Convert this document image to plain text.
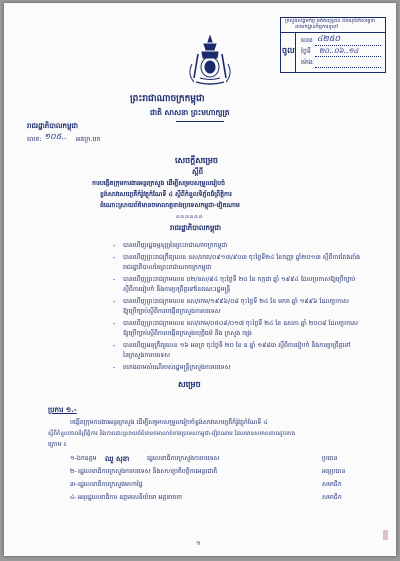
ក្រសួងសង្គមកិច្ច អតីតយុទ្ធជន និងយុវនីតិសម្បទា
នាយកដ្ឋានកិច្ចការទូទៅ
ចូល
លេខ ៤២៥០
ថ្ងៃទី ២០..០៦..១៤
ម៉ោង
ព្រះរាជាណាចក្រកម្ពុជា
ជាតិ សាសនា ព្រះមហាក្សត្រ
រាជរដ្ឋាភិបាលកម្ពុជា
លេខ: ១០៥.. អនក្រ.បក
សេចក្តីសម្រេច
ស្តីពី
ការបង្កើតក្រុមការងារអន្តរក្រសួង ដើម្បីសម្របសម្រួលរៀបចំ
ខ្ទង់សាវសេយ្យគឺកំរ៉ូវត្ថុកំណែទី ៤ ស្តីពីកំនួលទិភ្ញ័ពដ៏ព្រឹត្តិការ
ដំណោះស្រាយព័ត៌មានចមាលាត្ថខាងប្រទេសកម្ពុជា-វៀតណាម
ಣಣಣಣಣಣ
រាជរដ្ឋាភិបាលកម្ពុជា
- បានឃើញរដ្ឋធម្មនុញ្ញនៃព្រះរាជាណាចក្រកម្ពុជា
- បានឃើញព្រះរាជក្រឹត្យលេខ នស/រកត/០៩១៣/៩០៣ ចុះថ្ងៃទី២៤ ខែកញ្ញា ឆ្នាំ២០១៣ ស្តីពីការតែងតាំង
រាជរដ្ឋាភិបាលនៃព្រះរាជាណាចក្រកម្ពុជា
- បានឃើញព្រះរាជក្រមលេខ ០២/នស/៩៤ ចុះថ្ងៃទី ២០ ខែ កក្កដា ឆ្នាំ ១៩៩៤ ដែលប្រកាសឱ្យប្រើច្បាប់
ស្តីពីការរៀបចំ និងការប្រព្រឹត្តទៅនៃគណៈរដ្ឋមន្ត្រី
- បានឃើញព្រះរាជក្រមលេខ នស/រកម/១៩៩៦/០៨ ចុះថ្ងៃទី ២៤ ខែ មករា ឆ្នាំ ១៩៩៦ ដែលប្រកាស
ឱ្យប្រើច្បាប់ស្តីពីការបង្កើតក្រសួងការបរទេស
- បានឃើញព្រះរាជក្រមលេខ នស/រកម/០៥០៨/០១៧ ចុះថ្ងៃទី ២៤ ខែ ឧសភា ឆ្នាំ ២០០៨ ដែលប្រកាស
ឱ្យប្រើច្បាប់ស្តីពីការបង្កើតក្រសួងយុត្តិធម៌ និង ក្រសួង កង្រ
- បានឃើញអនុក្រឹត្យលេខ ១៦ អនក្រ ចុះថ្ងៃទី ២០ ខែ ឧ ឆ្នាំ ១៩៨៣ ស្តីពីការរៀបចំ និងការប្រព្រឹត្តទៅ
នៃក្រសួងការបរទេស
- យោងតាមសំណើរបស់រដ្ឋមន្ត្រីក្រសួងការបរទេស
សម្រេច
ប្រការ ១.-
បង្កើតក្រុមការងារអន្តរក្រសួង ដើម្បីសម្របសម្រួលរៀបចំខ្ទង់សាវសេយ្យគឺកំរ៉ូវត្ថុកំណែទី ៤
ស្តីពីកំនួលភាពដ៏ព្រឹត្តិការ និងការដោះស្រាយព័ត៌មានចមាលាត់ខាងប្រទេសកម្ពុជា-វៀតណាម ដែលមានសមាសភាពដូចខាង
ក្រោម ៖
១-ឯកឧត្តម ឈួ សុខា	រដ្ឋលេខាធិការក្រសួងការបរទេស	ប្រធាន
២- រដ្ឋលេខាធិការក្រសួងការបរទេស និងសហប្រតិបត្តិការអន្តរជាតិ	អនុប្រធាន
៣- រដ្ឋលេខាធិការក្រសួងមហាផ្ទៃ	សមាជិក
៤- អនុរដ្ឋលេខាធិការ ឧត្តមសេនីយ៍ទោ អគ្គនាយក	សមាជិក
១
